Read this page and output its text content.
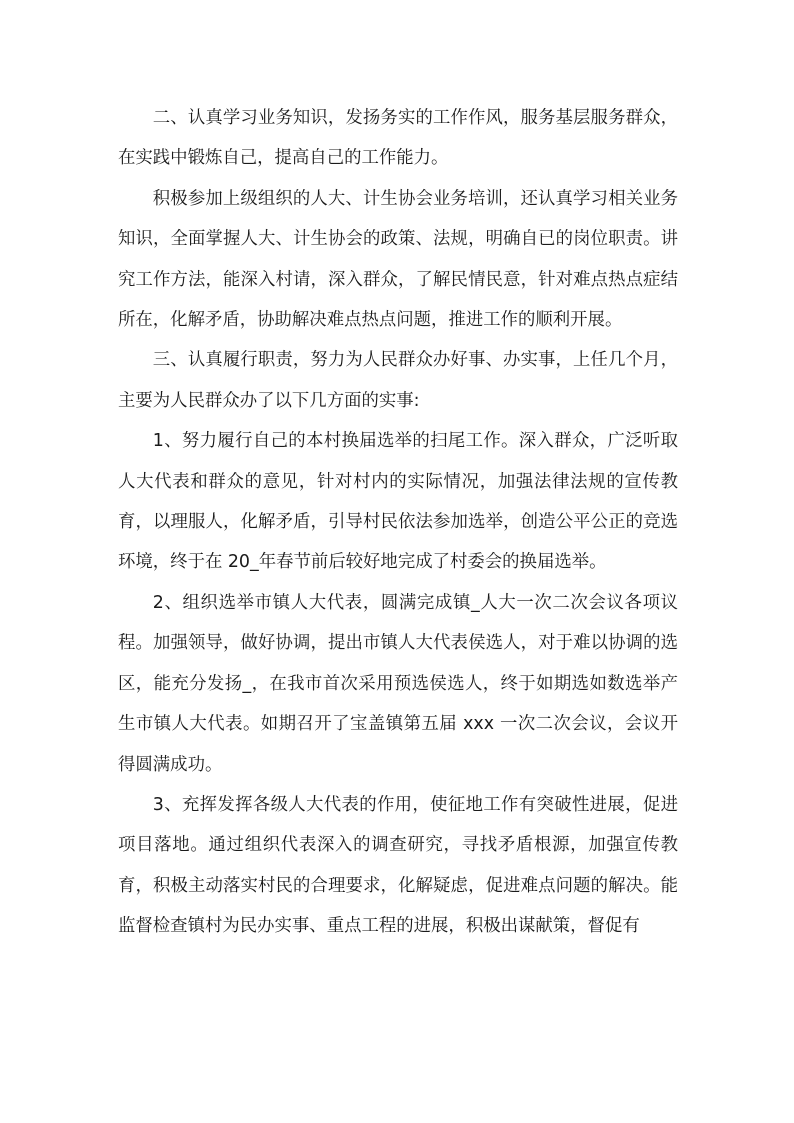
二、认真学习业务知识，发扬务实的工作作风，服务基层服务群众，在实践中锻炼自己，提高自己的工作能力。

积极参加上级组织的人大、计生协会业务培训，还认真学习相关业务知识，全面掌握人大、计生协会的政策、法规，明确自已的岗位职责。讲究工作方法，能深入村请，深入群众，了解民情民意，针对难点热点症结所在，化解矛盾，协助解决难点热点问题，推进工作的顺利开展。

三、认真履行职责，努力为人民群众办好事、办实事，上任几个月，主要为人民群众办了以下几方面的实事:

1、努力履行自己的本村换届选举的扫尾工作。深入群众，广泛听取人大代表和群众的意见，针对村内的实际情况，加强法律法规的宣传教育，以理服人，化解矛盾，引导村民依法参加选举，创造公平公正的竞选环境，终于在 20_年春节前后较好地完成了村委会的换届选举。

2、组织选举市镇人大代表，圆满完成镇_人大一次二次会议各项议程。加强领导，做好协调，提出市镇人大代表侯选人，对于难以协调的选区，能充分发扬_，在我市首次采用预选侯选人，终于如期选如数选举产生市镇人大代表。如期召开了宝盖镇第五届 xxx 一次二次会议，会议开得圆满成功。

3、充挥发挥各级人大代表的作用，使征地工作有突破性进展，促进项目落地。通过组织代表深入的调查研究，寻找矛盾根源，加强宣传教育，积极主动落实村民的合理要求，化解疑虑，促进难点问题的解决。能监督检查镇村为民办实事、重点工程的进展，积极出谋献策，督促有
